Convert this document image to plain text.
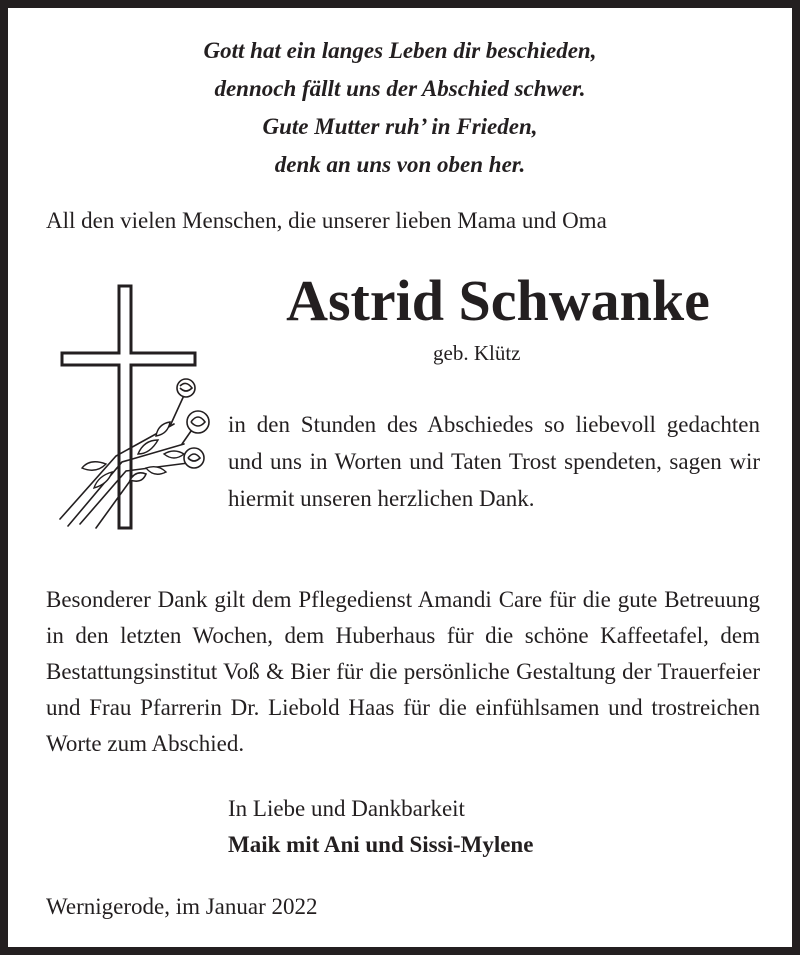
Gott hat ein langes Leben dir beschieden,
dennoch fällt uns der Abschied schwer.
Gute Mutter ruh’ in Frieden,
denk an uns von oben her.
All den vielen Menschen, die unserer lieben Mama und Oma
Astrid Schwanke
geb. Klütz
in den Stunden des Abschiedes so liebevoll gedachten und uns in Worten und Taten Trost spendeten, sagen wir hiermit unseren herzlichen Dank.
Besonderer Dank gilt dem Pflegedienst Amandi Care für die gute Betreuung in den letzten Wochen, dem Huberhaus für die schöne Kaffeetafel, dem Bestattungsinstitut Voß & Bier für die persönliche Gestaltung der Trauerfeier und Frau Pfarrerin Dr. Liebold Haas für die einfühlsamen und trostreichen Worte zum Abschied.
In Liebe und Dankbarkeit
Maik mit Ani und Sissi-Mylene
Wernigerode, im Januar 2022
